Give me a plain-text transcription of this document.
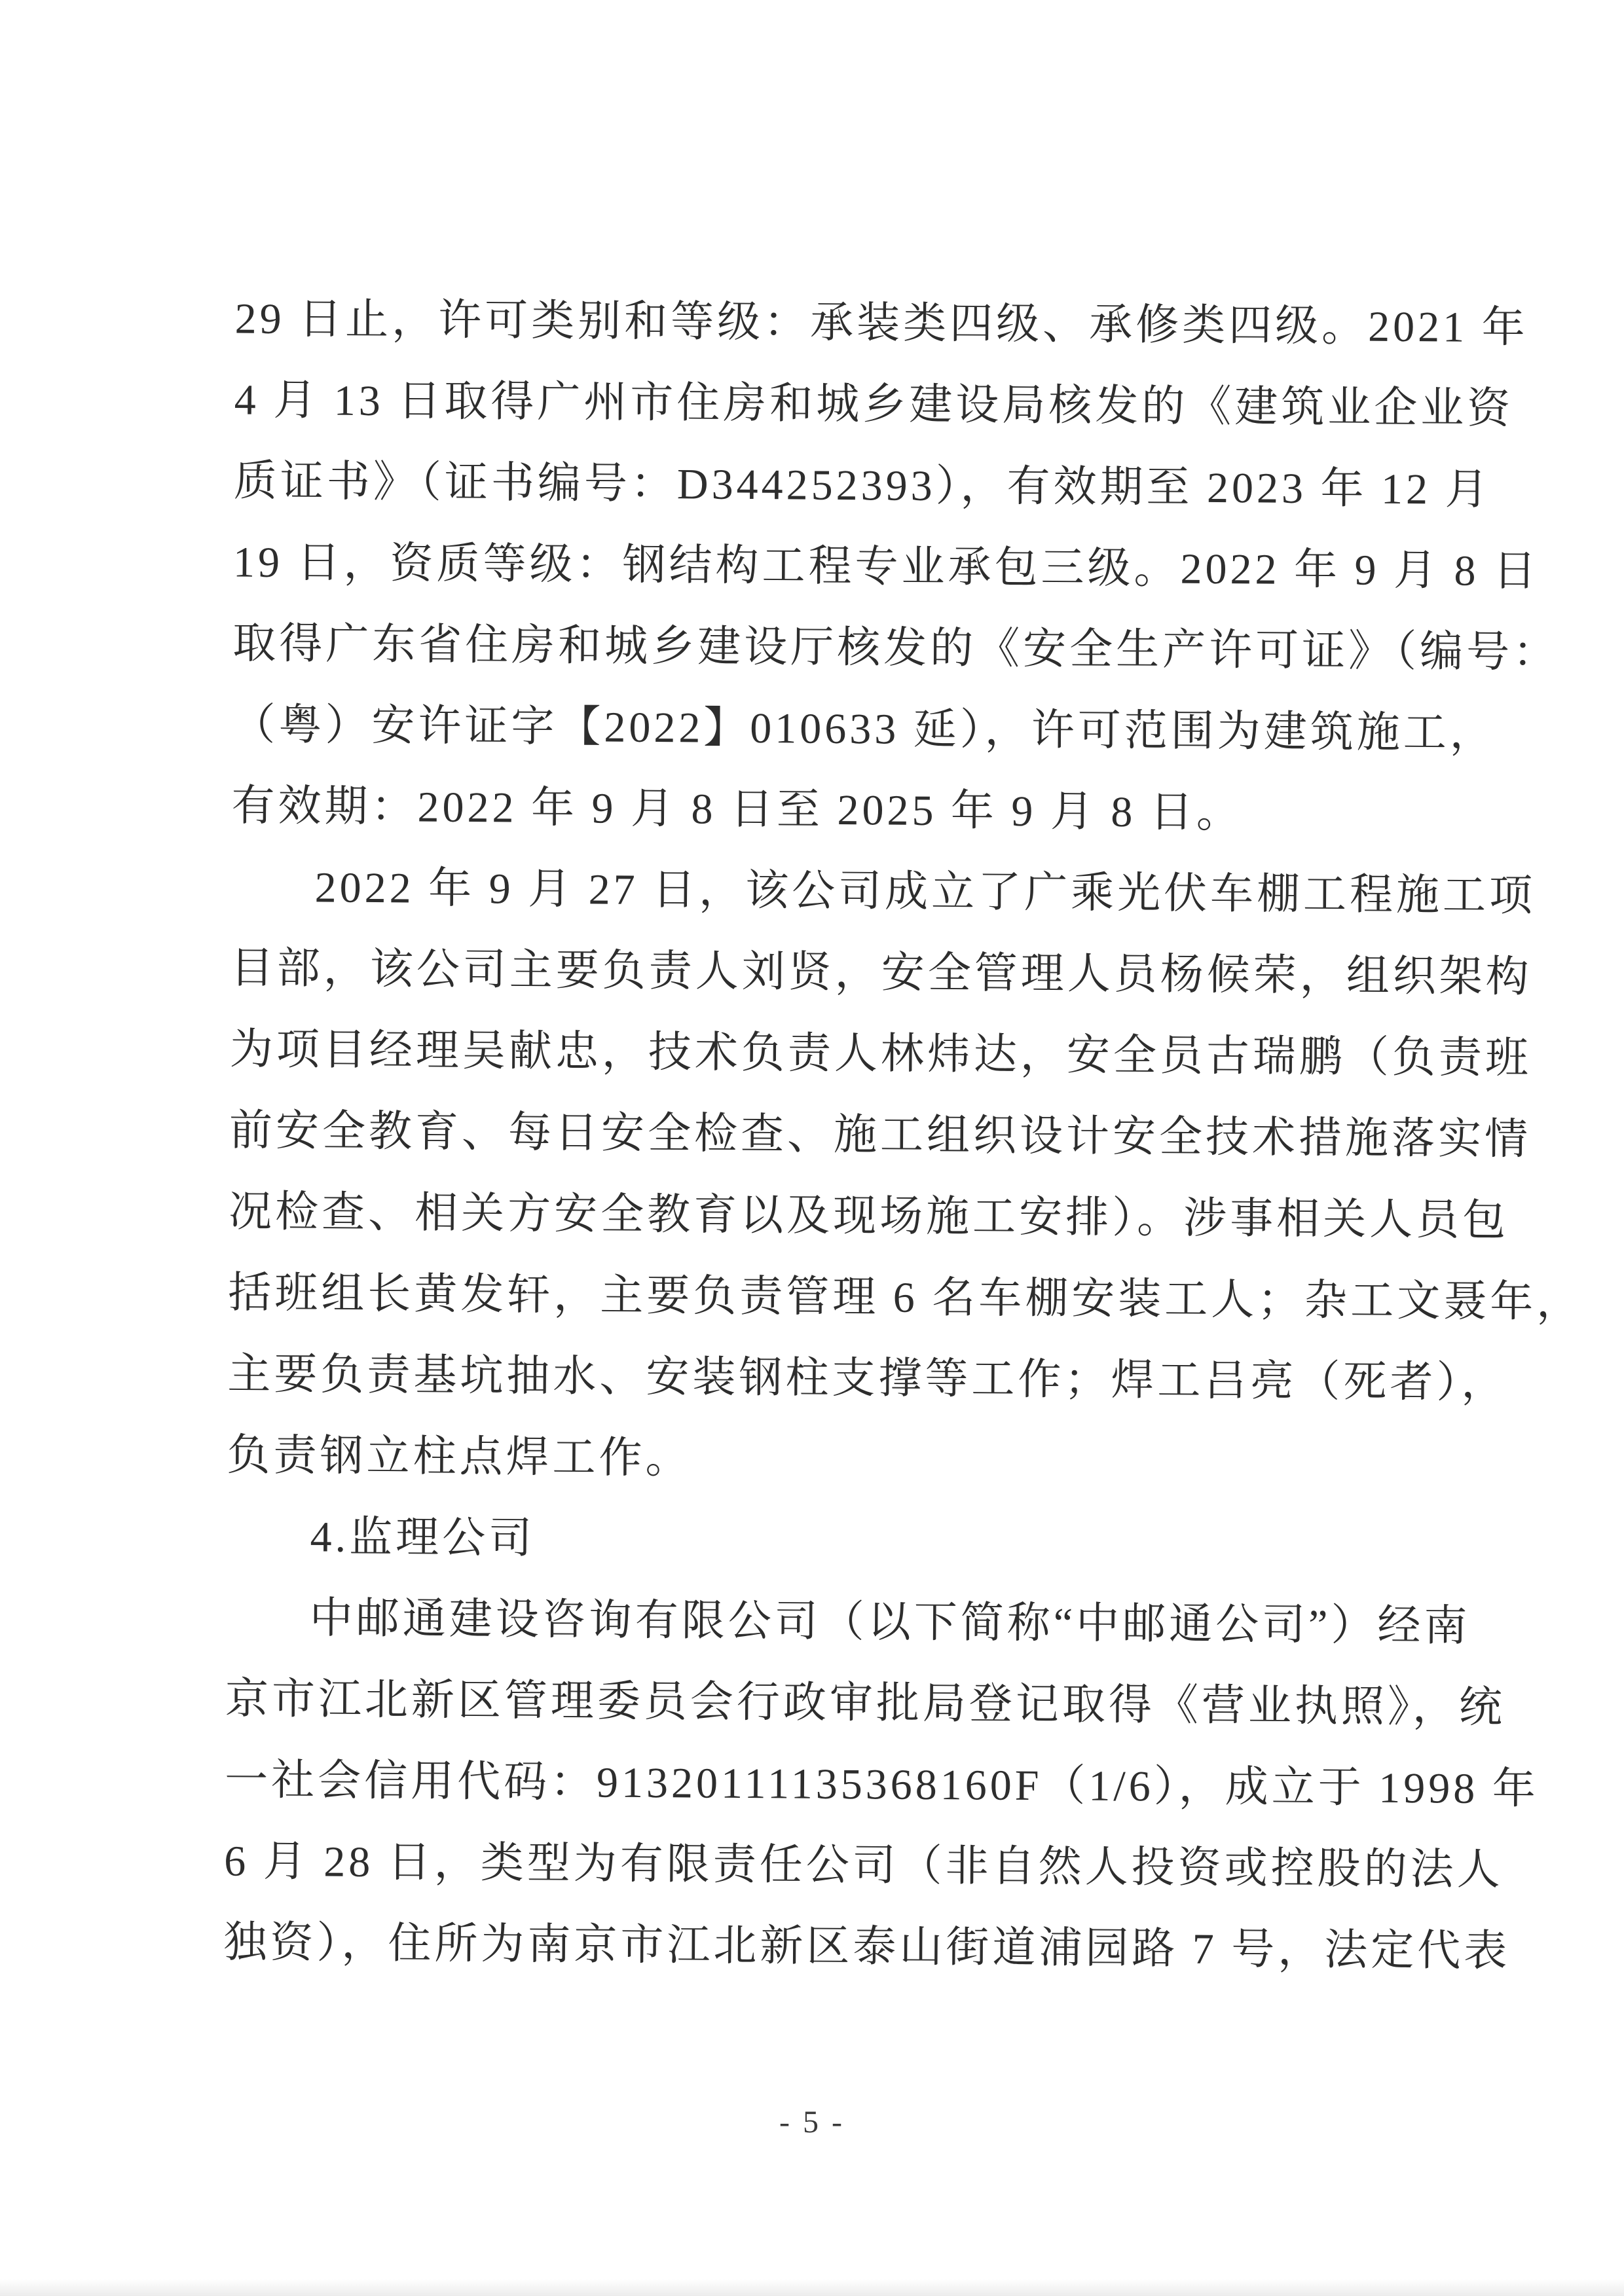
29 日止，许可类别和等级：承装类四级、承修类四级。2021 年
4 月 13 日取得广州市住房和城乡建设局核发的《建筑业企业资
质证书》（证书编号：D344252393），有效期至 2023 年 12 月
19 日，资质等级：钢结构工程专业承包三级。2022 年 9 月 8 日
取得广东省住房和城乡建设厅核发的《安全生产许可证》（编号：
（粤）安许证字【2022】010633 延），许可范围为建筑施工，
有效期：2022 年 9 月 8 日至 2025 年 9 月 8 日。
2022 年 9 月 27 日，该公司成立了广乘光伏车棚工程施工项
目部，该公司主要负责人刘贤，安全管理人员杨候荣，组织架构
为项目经理吴献忠，技术负责人林炜达，安全员古瑞鹏（负责班
前安全教育、每日安全检查、施工组织设计安全技术措施落实情
况检查、相关方安全教育以及现场施工安排）。涉事相关人员包
括班组长黄发轩，主要负责管理 6 名车棚安装工人；杂工文聂年，
主要负责基坑抽水、安装钢柱支撑等工作；焊工吕亮（死者），
负责钢立柱点焊工作。
4.监理公司
中邮通建设咨询有限公司（以下简称“中邮通公司”）经南
京市江北新区管理委员会行政审批局登记取得《营业执照》，统
一社会信用代码：91320111135368160F（1/6），成立于 1998 年
6 月 28 日，类型为有限责任公司（非自然人投资或控股的法人
独资），住所为南京市江北新区泰山街道浦园路 7 号，法定代表
- 5 -
